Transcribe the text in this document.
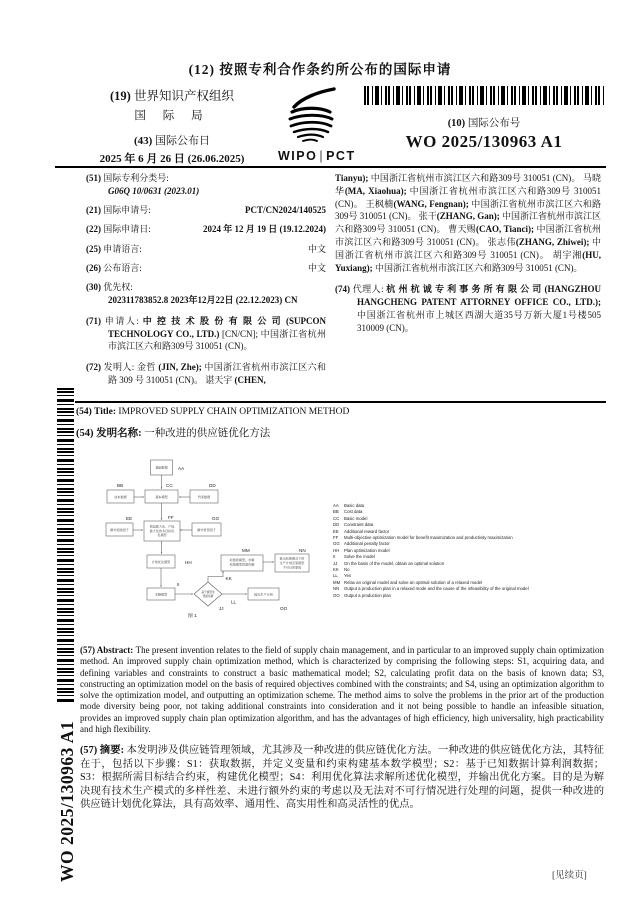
(12) 按照专利合作条约所公布的国际申请
(19) 世界知识产权组织
国 际 局
(43) 国际公布日
2025 年 6 月 26 日 (26.06.2025)	WIPO | PCT
(10) 国际公布号
WO 2025/130963 A1
(51) 国际专利分类号:
G06Q 10/0631 (2023.01)
(21) 国际申请号:	PCT/CN2024/140525
(22) 国际申请日:	2024 年 12 月 19 日 (19.12.2024)
(25) 申请语言:	中文
(26) 公布语言:	中文
(30) 优先权:
202311783852.8 2023年12月22日 (22.12.2023) CN
(71) 申请人: 中 控 技 术 股 份 有 限 公 司 (SUPCON TECHNOLOGY CO., LTD.) [CN/CN]; 中国浙江省杭州市滨江区六和路309号 310051 (CN)。
(72) 发明人: 金哲 (JIN, Zhe); 中国浙江省杭州市滨江区六和路 309 号 310051 (CN)。 谌天宇 (CHEN,
Tianyu); 中国浙江省杭州市滨江区六和路309号 310051 (CN)。 马晓华(MA, Xiaohua); 中国浙江省杭州市滨江区六和路309号 310051 (CN)。 王枫楠(WANG, Fengnan); 中国浙江省杭州市滨江区六和路309号 310051 (CN)。 张干(ZHANG, Gan); 中国浙江省杭州市滨江区六和路309号 310051 (CN)。 曹天赐(CAO, Tianci); 中国浙江省杭州市滨江区六和路309号 310051 (CN)。 张志伟(ZHANG, Zhiwei); 中国浙江省杭州市滨江区六和路309号 310051 (CN)。 胡宇湘(HU, Yuxiang); 中国浙江省杭州市滨江区六和路309号 310051 (CN)。
(74) 代理人: 杭 州 杭 诚 专 利 事 务 所 有 限 公 司 (HANGZHOU HANGCHENG PATENT ATTORNEY OFFICE CO., LTD.); 中国浙江省杭州市上城区西湖大道35号万新大厦1号楼505 310009 (CN)。
(54) Title: IMPROVED SUPPLY CHAIN OPTIMIZATION METHOD
(54) 发明名称: 一种改进的供应链优化方法
基础数据
成本数据	基本模型	约束数据
额外奖励因子
效益最大化、产能
最大化的多目标优
化模型
额外惩罚因子
计划优化模型	松弛原模型，求解
松弛模型的最优解
输出松弛模式下的
生产计划及原模型
不可行的原因
求解模型	基于模型求
得最优解
输出生产计划
AA
BB	CC	DD
EE	FF	GG
HH
MM	NN
II
KK
LL
JJ	OO
图 1
AA	Basic data
BB	Cost data
CC	Basic model
DD	Constraint data
EE	Additional reward factor
FF	Multi-objective optimization model for benefit maximization and productivity maximization
GG	Additional penalty factor
HH	Plan optimization model
II	Solve the model
JJ	On the basis of the model, obtain an optimal solution
KK	No
LL	Yes
MM Relax an original model and solve an optimal solution of a relaxed model
NN	Output a production plan in a relaxed mode and the cause of the infeasibility of the original model
OO	Output a production plan
(57) Abstract: The present invention relates to the field of supply chain management, and in particular to an improved supply chain optimization method. An improved supply chain optimization method, which is characterized by comprising the following steps: S1, acquiring data, and defining variables and constraints to construct a basic mathematical model; S2, calculating profit data on the basis of known data; S3, constructing an optimization model on the basis of required objectives combined with the constraints; and S4, using an optimization algorithm to solve the optimization model, and outputting an optimization scheme. The method aims to solve the problems in the prior art of the production mode diversity being poor, not taking additional constraints into consideration and it not being possible to handle an infeasible situation, provides an improved supply chain plan optimization algorithm, and has the advantages of high efficiency, high universality, high practicability and high flexibility.
(57) 摘要: 本发明涉及供应链管理领域，尤其涉及一种改进的供应链优化方法。一种改进的供应链优化方法，其特征在于，包括以下步骤：S1：获取数据，并定义变量和约束构建基本数学模型；S2：基于已知数据计算利润数据；S3：根据所需目标结合约束，构建优化模型；S4：利用优化算法求解所述优化模型，并输出优化方案。目的是为解决现有技术生产模式的多样性差、未进行额外约束的考虑以及无法对不可行情况进行处理的问题，提供一种改进的供应链计划优化算法，具有高效率、通用性、高实用性和高灵活性的优点。
WO 2025/130963 A1	[见续页]
